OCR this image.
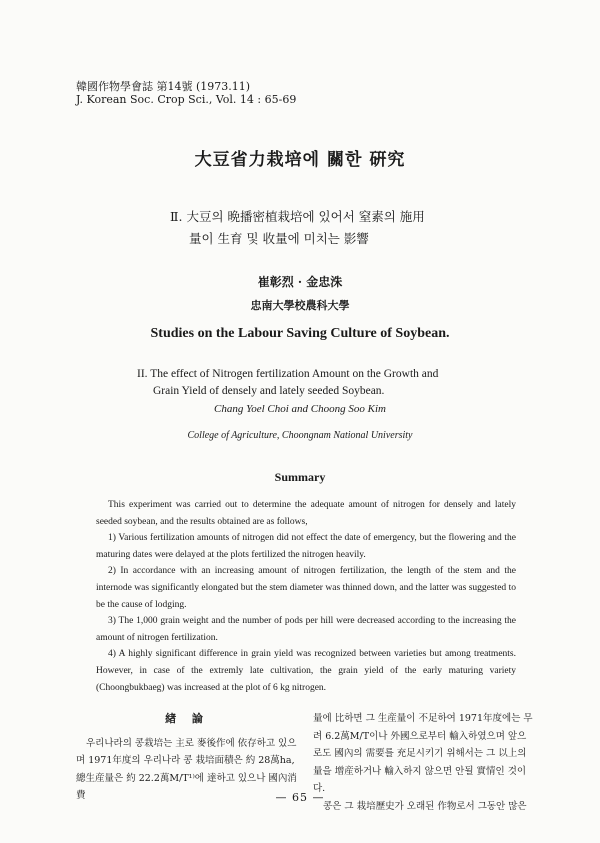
韓國作物學會誌 第14號 (1973.11)
J. Korean Soc. Crop Sci., Vol. 14 : 65-69
大豆省力栽培에 關한 硏究
Ⅱ. 大豆의 晩播密植栽培에 있어서 窒素의 施用
量이 生育 및 收量에 미치는 影響
崔彰烈 · 金忠洙
忠南大學校農科大學
Studies on the Labour Saving Culture of Soybean.
II. The effect of Nitrogen fertilization Amount on the Growth and
Grain Yield of densely and lately seeded Soybean.
Chang Yoel Choi and Choong Soo Kim
College of Agriculture, Choongnam National University
Summary

This experiment was carried out to determine the adequate amount of nitrogen for densely and lately seeded soybean, and the results obtained are as follows,

1) Various fertilization amounts of nitrogen did not effect the date of emergency, but the flowering and the maturing dates were delayed at the plots fertilized the nitrogen heavily.

2) In accordance with an increasing amount of nitrogen fertilization, the length of the stem and the internode was significantly elongated but the stem diameter was thinned down, and the latter was suggested to be the cause of lodging.

3) The 1,000 grain weight and the number of pods per hill were decreased according to the increasing the amount of nitrogen fertilization.

4) A highly significant difference in grain yield was recognized between varieties but among treatments. However, in case of the extremly late cultivation, the grain yield of the early maturing variety (Choongbukbaeg) was increased at the plot of 6 kg nitrogen.

緖 論

우리나라의 콩栽培는 主로 麥後作에 依存하고 있으며 1971年度의 우리나라 콩 栽培面積은 約 28萬ha, 總生産量은 約 22.2萬M/T¹⁾에 達하고 있으나 國內消費

量에 比하면 그 生産量이 不足하여 1971年度에는 무려 6.2萬M/T이나 外國으로부터 輸入하였으며 앞으로도 國內의 需要를 充足시키기 위해서는 그 以上의 量을 增産하거나 輸入하지 않으면 안될 實情인 것이다.

콩은 그 栽培歷史가 오래된 作物로서 그동안 많은

— 65 —
